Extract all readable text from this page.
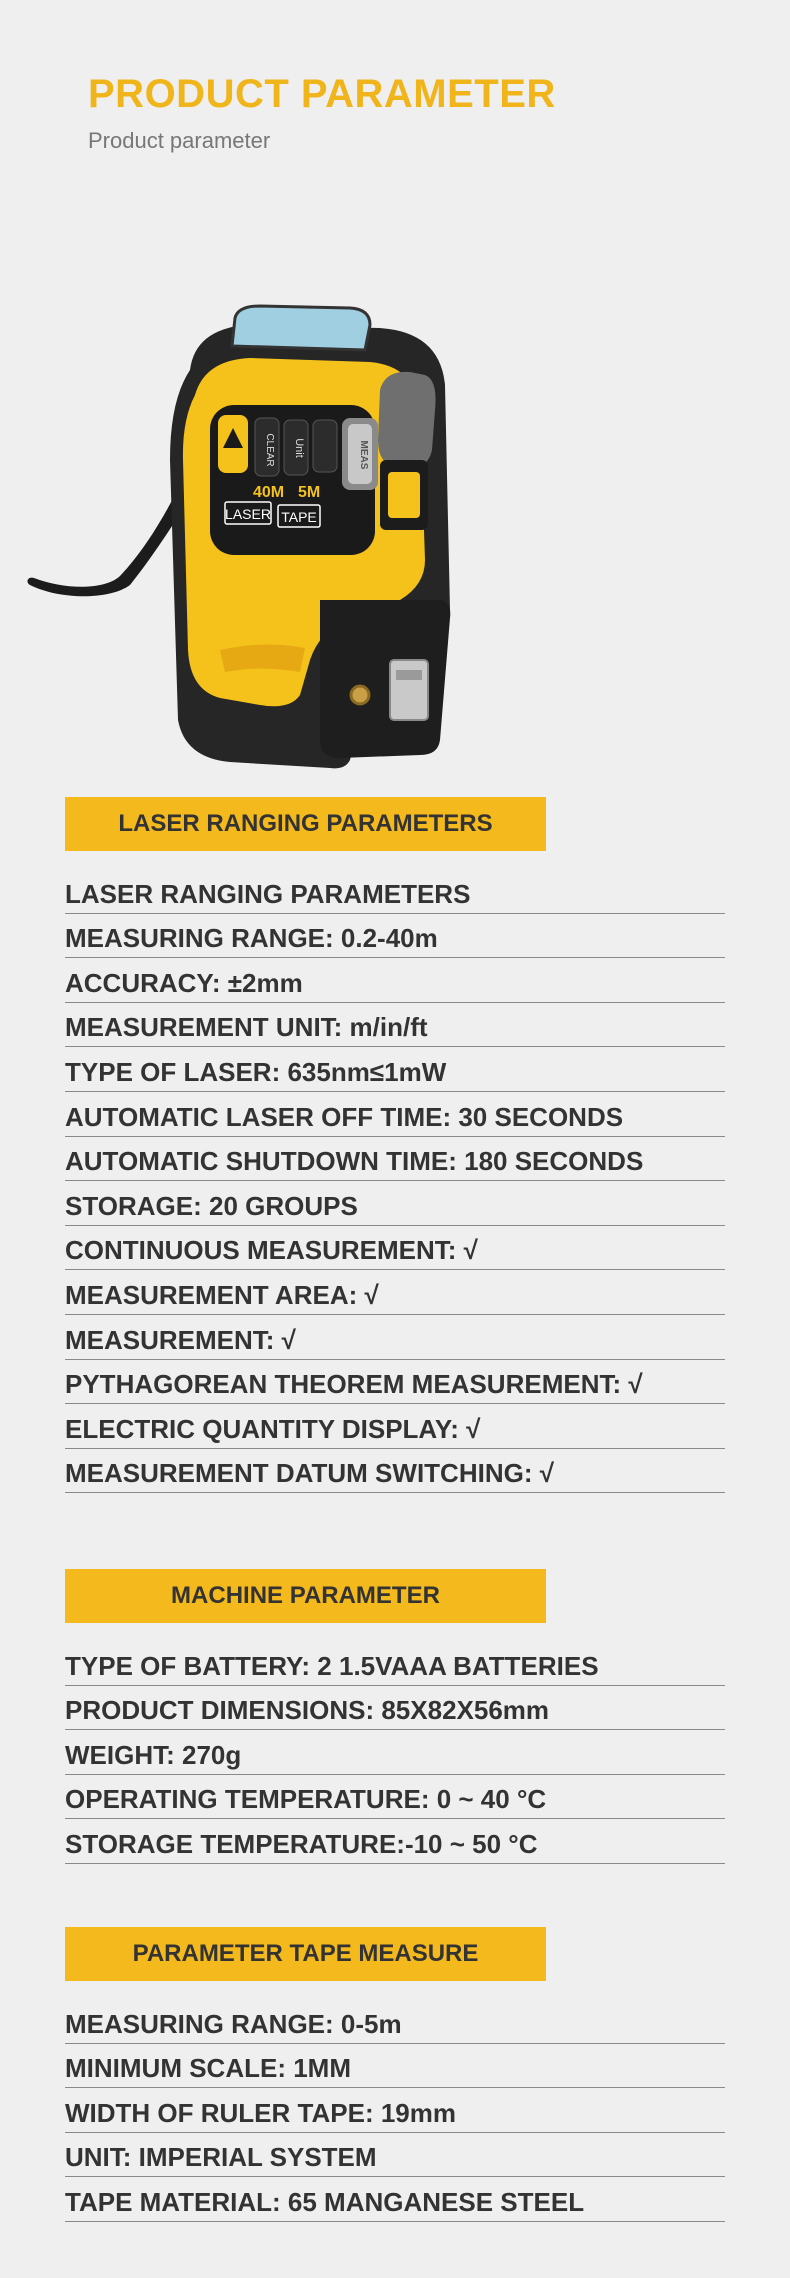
PRODUCT PARAMETER
Product parameter
CLEAR Unit	MEAS
40M 5M
LASER TAPE
LASER RANGING PARAMETERS
LASER RANGING PARAMETERS
MEASURING RANGE: 0.2-40m
ACCURACY: ±2mm
MEASUREMENT UNIT: m/in/ft
TYPE OF LASER: 635nm≤1mW
AUTOMATIC LASER OFF TIME: 30 SECONDS
AUTOMATIC SHUTDOWN TIME: 180 SECONDS
STORAGE: 20 GROUPS
CONTINUOUS MEASUREMENT: √
MEASUREMENT AREA: √
MEASUREMENT: √
PYTHAGOREAN THEOREM MEASUREMENT: √
ELECTRIC QUANTITY DISPLAY: √
MEASUREMENT DATUM SWITCHING: √
MACHINE PARAMETER
TYPE OF BATTERY: 2 1.5VAAA BATTERIES
PRODUCT DIMENSIONS: 85X82X56mm
WEIGHT: 270g
OPERATING TEMPERATURE: 0 ~ 40 °C
STORAGE TEMPERATURE:-10 ~ 50 °C
PARAMETER TAPE MEASURE
MEASURING RANGE: 0-5m
MINIMUM SCALE: 1MM
WIDTH OF RULER TAPE: 19mm
UNIT: IMPERIAL SYSTEM
TAPE MATERIAL: 65 MANGANESE STEEL
